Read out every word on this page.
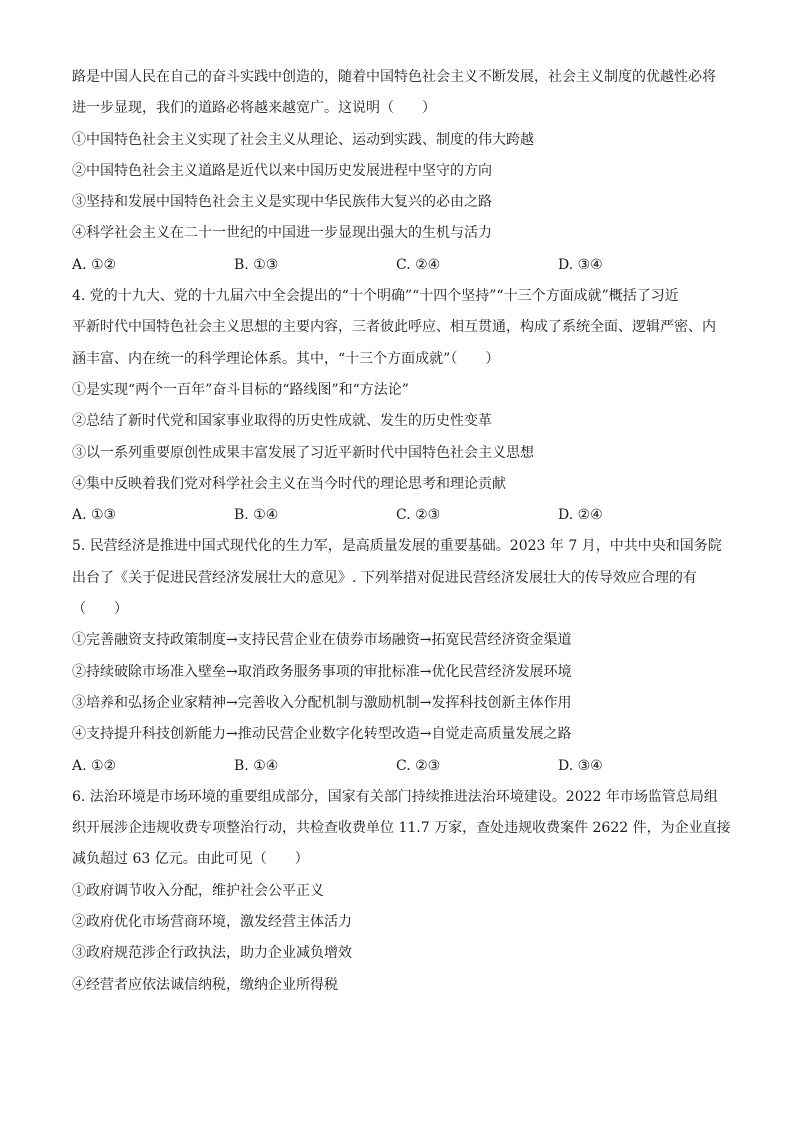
路是中国人民在自己的奋斗实践中创造的，随着中国特色社会主义不断发展，社会主义制度的优越性必将
进一步显现，我们的道路必将越来越宽广。这说明（　　）
①中国特色社会主义实现了社会主义从理论、运动到实践、制度的伟大跨越
②中国特色社会主义道路是近代以来中国历史发展进程中坚守的方向
③坚持和发展中国特色社会主义是实现中华民族伟大复兴的必由之路
④科学社会主义在二十一世纪的中国进一步显现出强大的生机与活力
A. ①②	B. ①③	C. ②④	D. ③④
4. 党的十九大、党的十九届六中全会提出的“十个明确”“十四个坚持”“十三个方面成就”概括了习近
平新时代中国特色社会主义思想的主要内容，三者彼此呼应、相互贯通，构成了系统全面、逻辑严密、内
涵丰富、内在统一的科学理论体系。其中，“十三个方面成就”（　　）
①是实现“两个一百年”奋斗目标的“路线图”和“方法论”
②总结了新时代党和国家事业取得的历史性成就、发生的历史性变革
③以一系列重要原创性成果丰富发展了习近平新时代中国特色社会主义思想
④集中反映着我们党对科学社会主义在当今时代的理论思考和理论贡献
A. ①③	B. ①④	C. ②③	D. ②④
5. 民营经济是推进中国式现代化的生力军，是高质量发展的重要基础。2023 年 7 月，中共中央和国务院
出台了《关于促进民营经济发展壮大的意见》. 下列举措对促进民营经济发展壮大的传导效应合理的有
（　　）
①完善融资支持政策制度→支持民营企业在债券市场融资→拓宽民营经济资金渠道
②持续破除市场准入壁垒→取消政务服务事项的审批标准→优化民营经济发展环境
③培养和弘扬企业家精神→完善收入分配机制与激励机制→发挥科技创新主体作用
④支持提升科技创新能力→推动民营企业数字化转型改造→自觉走高质量发展之路
A. ①②	B. ①④	C. ②③	D. ③④
6. 法治环境是市场环境的重要组成部分，国家有关部门持续推进法治环境建设。2022 年市场监管总局组
织开展涉企违规收费专项整治行动，共检查收费单位 11.7 万家，查处违规收费案件 2622 件，为企业直接
减负超过 63 亿元。由此可见（　　）
①政府调节收入分配，维护社会公平正义
②政府优化市场营商环境，激发经营主体活力
③政府规范涉企行政执法，助力企业减负增效
④经营者应依法诚信纳税，缴纳企业所得税
